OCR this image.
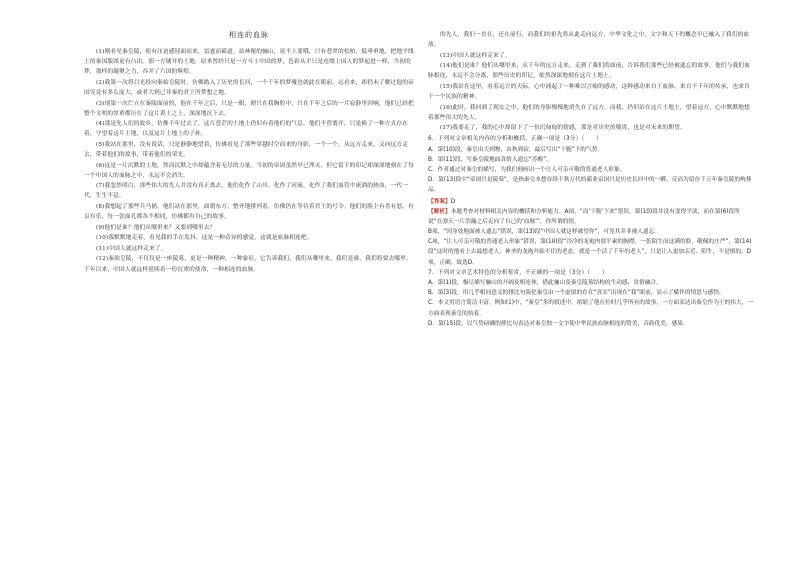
相连的血脉

(1)刚看见秦皇陵，使有压迫感迎面而来，雷霆而霸道。站神秘的骊山，说不上要哦，只有苍翠的松柏，低垂垂地，把地平线上的秦国版图更有凸出。那一方铺开的土地，原来曾经只是一方斗士中国的梦，色彩从平只是连缀上国人的梦起进一样，当初的梦，那样的凝聚之力，吞并了六国的辉煌。

(2)我第一次将目光投向秦始皇陵时，仿佛踏入了历史的长河，一个千年的梦魇也就此在眼前，远看来，却仍未了解过他的帝国究竟有多么庞大，或者大到已非秦的君王所梦想之地。

(3)现第一次伫立在秦陵面前的，他在千年之后，只是一眼，便只在我胸腔中，只在千年之后的一片寂静里回响，他们已经把整个文明的厚重都压在了这片黄土之上，深深地沉下去。

(4)那是先人们的故乡，仿佛千年过去了，这片苍茫的土地上仍旧有着他们的气息。他们不曾离开，只是换了一种方式存在着，守望着这片土地，以及这片土地上的子孙。

(5)我站在那里，没有说话，只是静静地望着，仿佛看见了那些穿越时空而来的身影，一个一个，从远方走来，又向远方走去，带着他们的故事，带着他们的荣光。

(6)这是一片沉默的土地，然而沉默之中却蕴含着无尽的力量。当初的帝国虽然早已湮灭，但它留下的印记却深深地刻在了每一个中国人的血脉之中，永远不会消失。

(7)我忽然明白，那些伟大的先人并没有真正离去，他们化作了山川，化作了河流，化作了我们血管中流淌的热血，一代一代，生生不息。

(8)我想起了那些兵马俑，他们站在那里，面朝东方，整齐地排列着，仿佛仍在等待着君王的号令。他们的脸上有喜有怒，有哀有乐，每一张面孔都各不相同，仿佛都有自己的故事。

(9)他们是谁？他们从哪里来？又要到哪里去？

(10)我默默地走着，看见我的手在发抖，这是一种奇异的感觉，这就是血脉相连吧。

(11)中国人就这样走来了。

(12)秦始皇陵，不仅仅是一座陵墓，更是一种精神，一种象征，它告诉我们，我们从哪里来，我们是谁，我们将要去哪里。千年以来，中国人就这样延续着一份沉重的使命，一种相连的血脉。

的先人，我们一直在，还在前行，而我们的祖先将从此走向远方，中华文化之中，文字和天下的概念早已融入了我们的血液。

(13)中国人就这样走来了。

(14)他们是谁？他们从哪里来，从千年的远方走来，走到了我们的面前，告诉我们那些已经被遗忘的故事，他们与我们血脉相连，永远不会分离，那些历史的印记，依然深深地刻在这片土地上。

(15)我站在这里，看着远方的天际，心中涌起了一种难以言喻的感动，这种感动来自于血脉，来自于千年的传承，也来自于一个民族的精神。

(16)此时，我回到了现实之中，他们的身影慢慢地消失在了远方，而我，仍旧站在这片土地上，望着远方，心中默默地想着那些伟大的先人。

(17)我要走了，我的心中却留下了一份沉甸甸的情感，那是对历史的敬畏，也是对未来的期望。

6．下列对文章相关内容的分析和概括，正确一项是（3分）（　　）

A．第(10)段，秦皇由天到物，由秋到宿，最后写出“干脆”下的气势。

B．第(11)段，写秦皇陵地面真情入遗忘“苏醒”。

C．作者通过对秦皇的描写，为我们刻画出一个让人可亲可敬的普通老人形象。

D．第(13)段中“帝国只是陵墓”，是指秦皇本想存续千秋万代的霸业帝国只是历史长河中的一瞬，反而为留存千万年秦皇陵的殉葬品。

【答案】D

【解析】本题考查对材料相关内容的概括和分析能力。A项，“而‘干脆’下来”错误，第(10)段并没有变得平淡，而在第(6)段所说“在弥天一片浩瀚之后走向了自己的‘血脉’”，你所谓的情。

B项，“因身处地面被人遗忘”错误，第(13)段“中国人就这样被望你”，可见其并非被人遗忘。

C项，“让人可亲可敬的普通老人形象”错误，第(10)段“冷冷的龙袍内那平素的胸襟，一张陌生而这满的脸，敬佩的庄严”，第(14)段“这时的他看上去最想老人，神圣的龙袍开始不住的老态，就是一个活了千年的老人”，只是让人更加亲近、陌生，不是慎的。D项，正确。故选D。

7．下列对文章艺术特色的分析鉴赏，不正确的一项是（3分）（　　）

A．第(1)段，极尽描写骊山的开阔及相连体，借此骊山及秦皇陵墓结构的生动感，景情融合。

B．第(3)段，用几乎相同意义的排比句强化秦皇由一个虚拟的存在“真实”出现在“我”眼前，显示了赋伴的情思与感悟。

C．本文用语言简洁丰富。例如(1)中，“秦皇”多的叙述中，浓缩了他在位时几乎所有的故事，一方面表达出秦皇作为王的伟大，一方面表现秦皇的执着。

D．第(15)段，以气势磅礴的排比句表达对秦皇独一文字使中华民族血脉相连的赞美，音韵优美，感染
